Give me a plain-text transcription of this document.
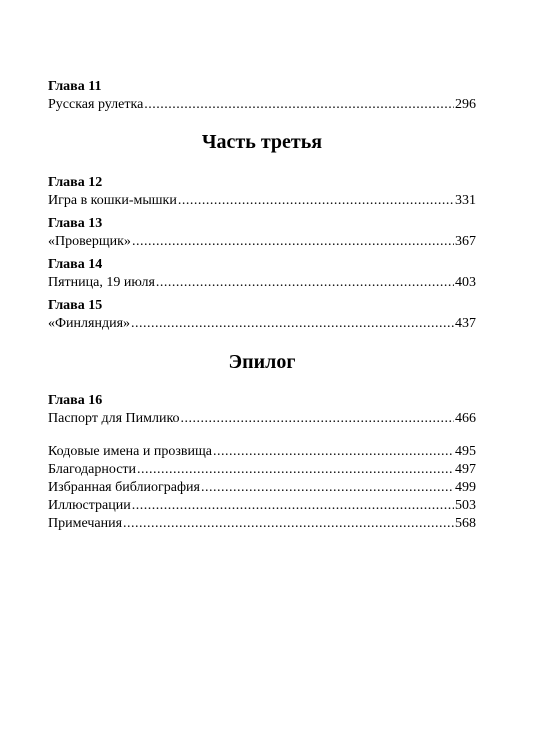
Глава 11
Русская рулетка .....	296
Часть третья
Глава 12
Игра в кошки-мышки .....	331
Глава 13
«Проверщик» .....	367
Глава 14
Пятница, 19 июля .....	403
Глава 15
«Финляндия» .....	437
Эпилог
Глава 16
Паспорт для Пимлико .....	466
Кодовые имена и прозвища .....	495
Благодарности .....	497
Избранная библиография .....	499
Иллюстрации .....	503
Примечания .....	568
